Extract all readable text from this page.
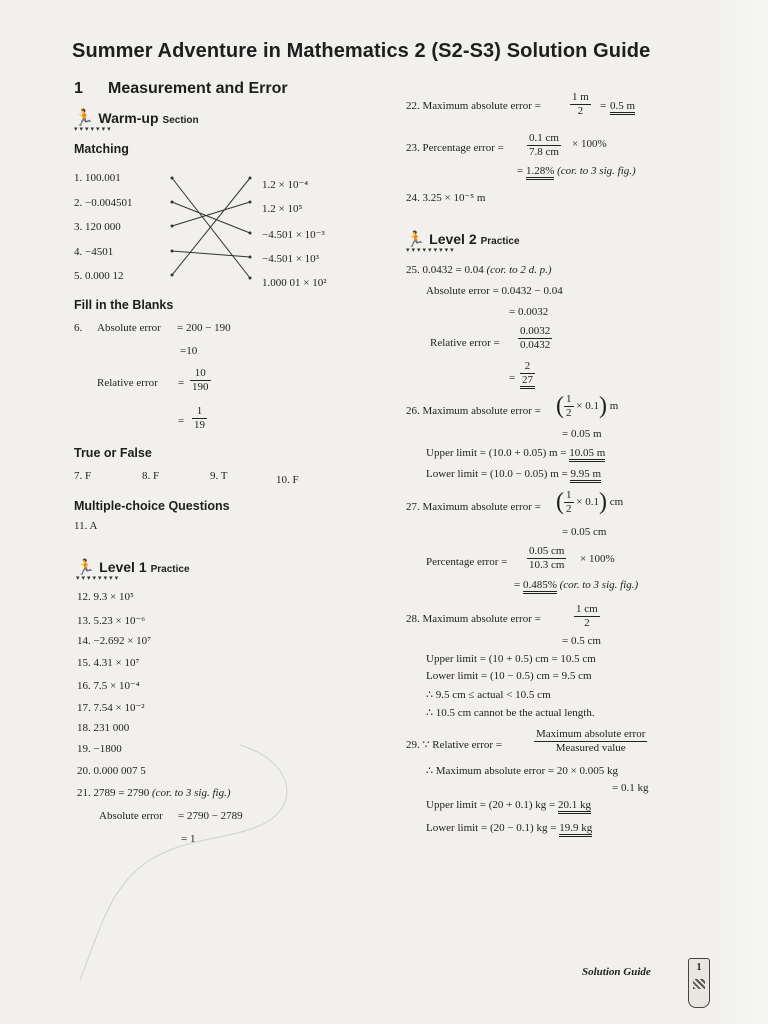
Summer Adventure in Mathematics 2 (S2-S3) Solution Guide
1 Measurement and Error
🏃 Warm-up Section
▾▾▾▾▾▾▾
Matching
1. 100.001
2. −0.004501
3. 120 000
4. −4501
5. 0.000 12
1.2 × 10⁻⁴
1.2 × 10⁵
−4.501 × 10⁻³
−4.501 × 10³
1.000 01 × 10²
Fill in the Blanks
6. Absolute error = 200 − 190
=10
Relative error = $\frac{10}{190}$
= $\frac{1}{19}$
True or False
7. F	8. F	9. T	10. F
Multiple-choice Questions
11. A
🏃 Level 1 Practice
▾▾▾▾▾▾▾▾
12. 9.3 × 10⁵
13. 5.23 × 10⁻⁶
14. −2.692 × 10⁷
15. 4.31 × 10⁷
16. 7.5 × 10⁻⁴
17. 7.54 × 10⁻²
18. 231 000
19. −1800
20. 0.000 007 5
21. 2789 = 2790 (cor. to 3 sig. fig.)
Absolute error = 2790 − 2789
= 1
22. Maximum absolute error =	$\frac{1 m}{2} = 0.5$ m
23. Percentage error = $\frac{0.1 cm}{7.8 cm} \times 100\%$
= 1.28% (cor. to 3 sig. fig.)
24. 3.25 × 10⁻⁵ m
🏃 Level 2 Practice
▾▾▾▾▾▾▾▾▾
25. 0.0432 = 0.04 (cor. to 2 d. p.)
Absolute error = 0.0432 − 0.04
= 0.0032
Relative error = $\frac{0.0032}{0.0432}$
= $\frac{2}{27}$
26. Maximum absolute error = ( $\frac{1}{2} \times 0.1$) m
= 0.05 m
Upper limit = (10.0 + 0.05) m = 10.05 m
Lower limit = (10.0 − 0.05) m = 9.95 m
27. Maximum absolute error = ( $\frac{1}{2} \times 0.1$) cm
= 0.05 cm
Percentage error = $\frac{0.05 cm}{10.3 cm} \times 100\%$
= 0.485% (cor. to 3 sig. fig.)
28. Maximum absolute error =	$\frac{1 cm}{2}$
= 0.5 cm
Upper limit = (10 + 0.5) cm = 10.5 cm
Lower limit = (10 − 0.5) cm = 9.5 cm
∴ 9.5 cm ≤ actual < 10.5 cm
∴ 10.5 cm cannot be the actual length.
29. ∵ Relative error =
Maximum absolute error
Measured value
∴ Maximum absolute error = 20 × 0.005 kg
= 0.1 kg
Upper limit = (20 + 0.1) kg = 20.1 kg
Lower limit = (20 − 0.1) kg = 19.9 kg
Solution Guide	1
